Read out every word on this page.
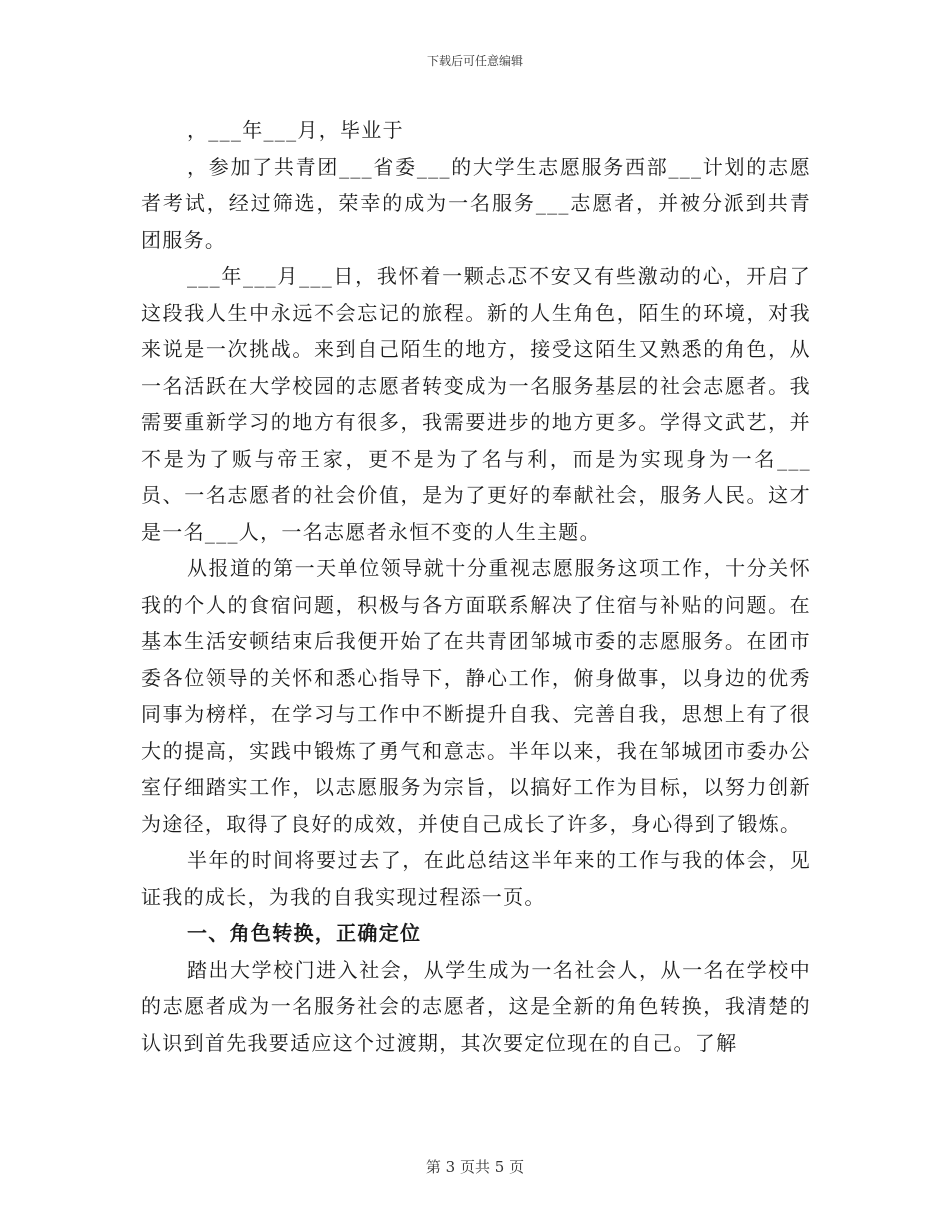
下载后可任意编辑

，___年___月，毕业于

，参加了共青团___省委___的大学生志愿服务西部___计划的志愿者考试，经过筛选，荣幸的成为一名服务___志愿者，并被分派到共青团服务。

___年___月___日，我怀着一颗忐忑不安又有些激动的心，开启了这段我人生中永远不会忘记的旅程。新的人生角色，陌生的环境，对我来说是一次挑战。来到自己陌生的地方，接受这陌生又熟悉的角色，从一名活跃在大学校园的志愿者转变成为一名服务基层的社会志愿者。我需要重新学习的地方有很多，我需要进步的地方更多。学得文武艺，并不是为了贩与帝王家，更不是为了名与利，而是为实现身为一名___员、一名志愿者的社会价值，是为了更好的奉献社会，服务人民。这才是一名___人，一名志愿者永恒不变的人生主题。

从报道的第一天单位领导就十分重视志愿服务这项工作，十分关怀我的个人的食宿问题，积极与各方面联系解决了住宿与补贴的问题。在基本生活安顿结束后我便开始了在共青团邹城市委的志愿服务。在团市委各位领导的关怀和悉心指导下，静心工作，俯身做事，以身边的优秀同事为榜样，在学习与工作中不断提升自我、完善自我，思想上有了很大的提高，实践中锻炼了勇气和意志。半年以来，我在邹城团市委办公室仔细踏实工作，以志愿服务为宗旨，以搞好工作为目标，以努力创新为途径，取得了良好的成效，并使自己成长了许多，身心得到了锻炼。

半年的时间将要过去了，在此总结这半年来的工作与我的体会，见证我的成长，为我的自我实现过程添一页。

一、角色转换，正确定位

踏出大学校门进入社会，从学生成为一名社会人，从一名在学校中的志愿者成为一名服务社会的志愿者，这是全新的角色转换，我清楚的认识到首先我要适应这个过渡期，其次要定位现在的自己。了解

第 3 页共 5 页
